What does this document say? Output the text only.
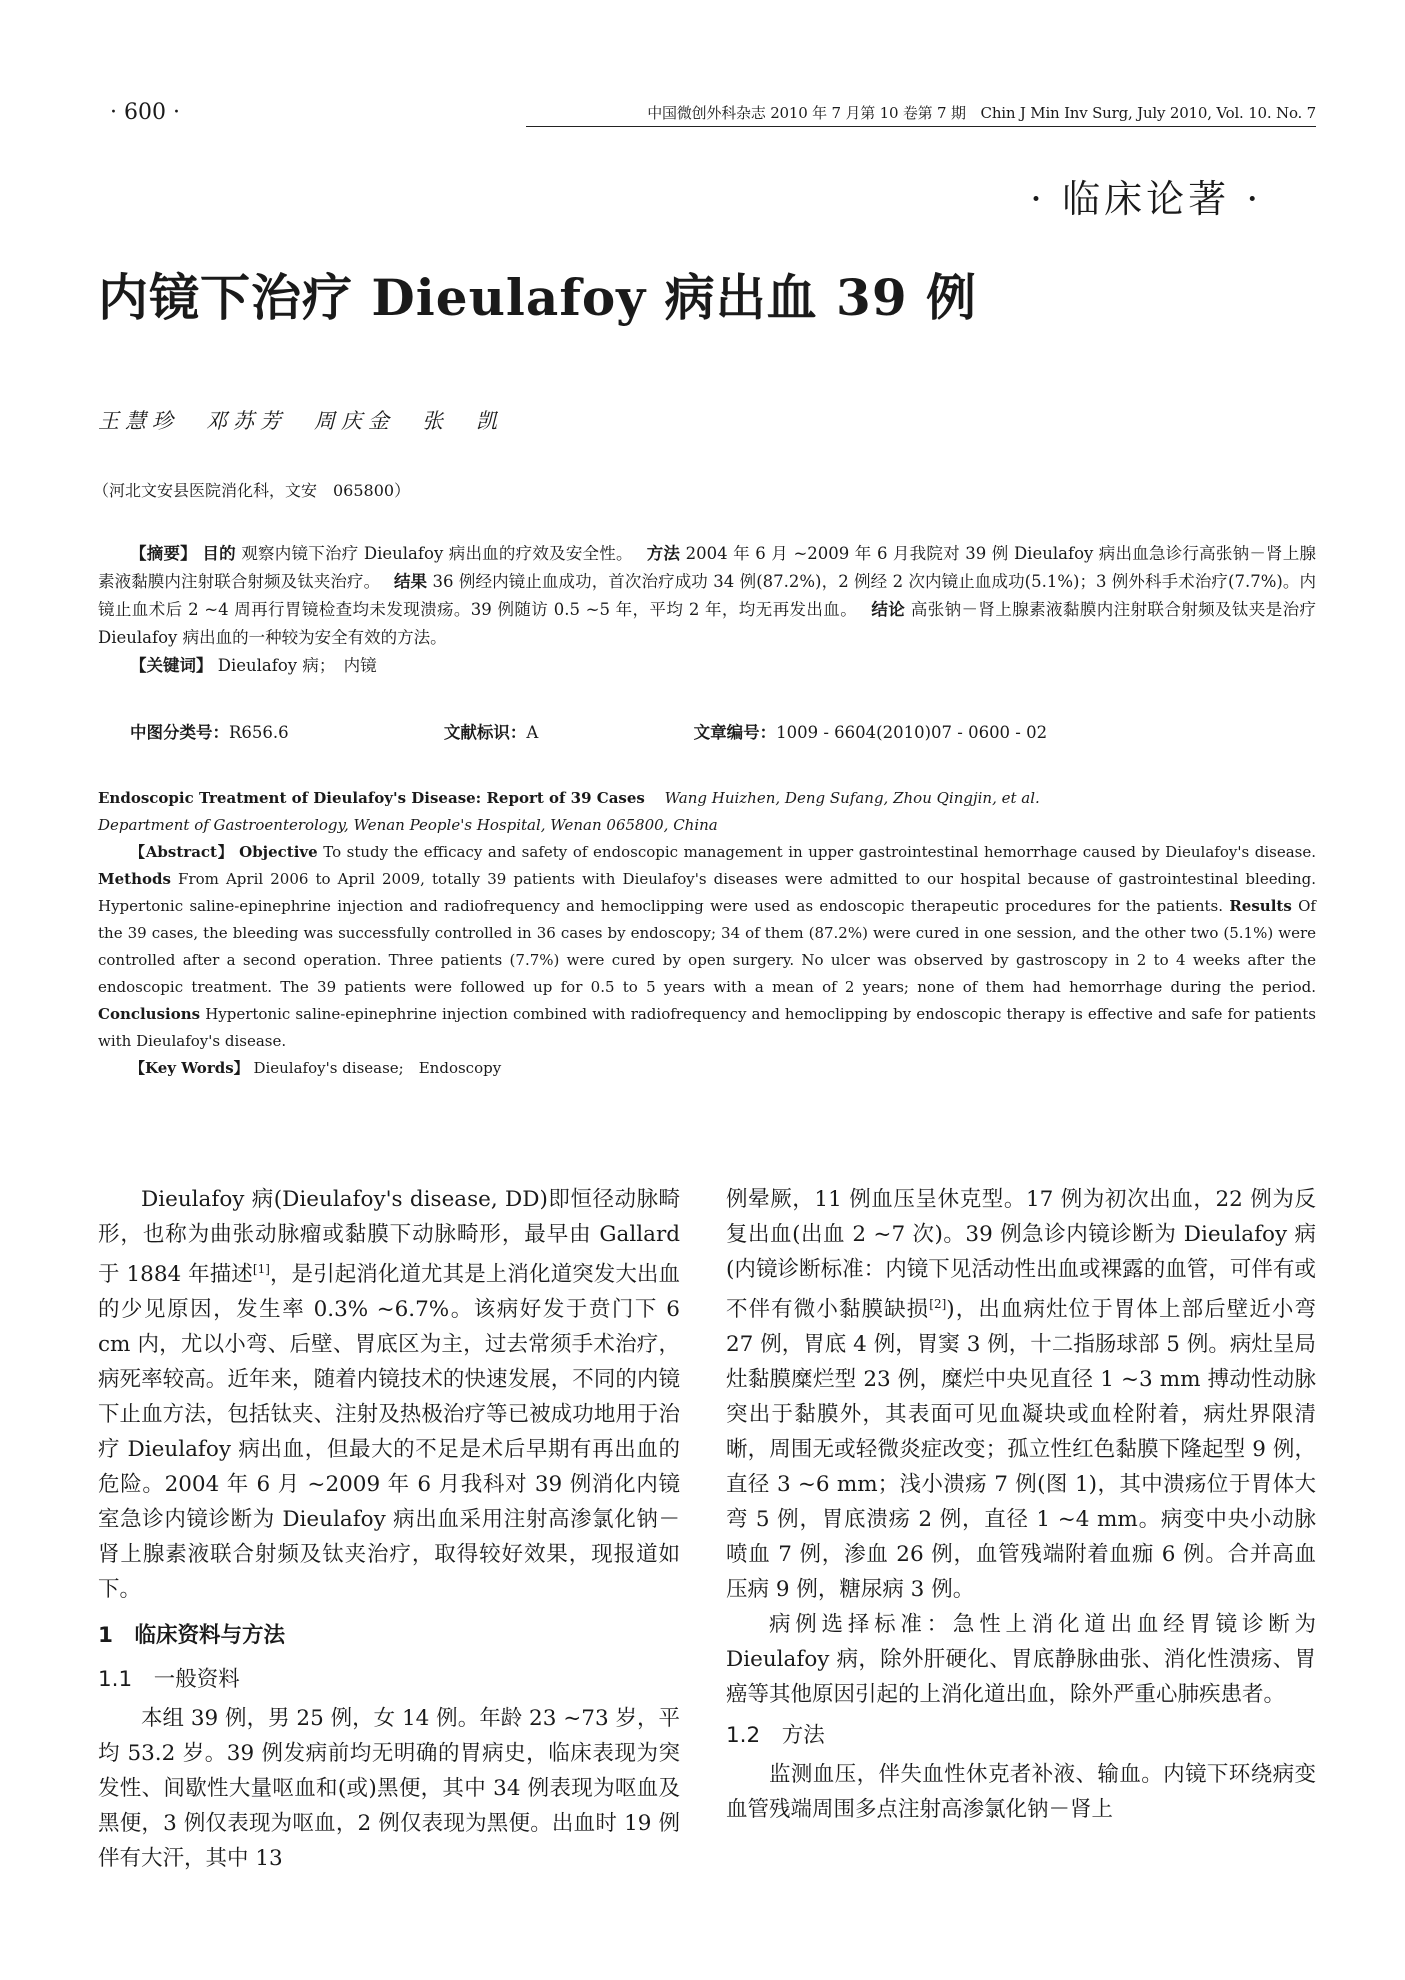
· 600 ·	中国微创外科杂志 2010 年 7 月第 10 卷第 7 期　Chin J Min Inv Surg, July 2010, Vol. 10. No. 7
· 临床论著 ·
内镜下治疗 Dieulafoy 病出血 39 例
王慧珍　邓苏芳　周庆金　张　凯
（河北文安县医院消化科，文安　065800）

【摘要】 目的 观察内镜下治疗 Dieulafoy 病出血的疗效及安全性。　 方法 2004 年 6 月 ~2009 年 6 月我院对 39 例 Dieulafoy 病出血急诊行高张钠－肾上腺素液黏膜内注射联合射频及钛夹治疗。　 结果 36 例经内镜止血成功，首次治疗成功 34 例(87.2%)，2 例经 2 次内镜止血成功(5.1%)；3 例外科手术治疗(7.7%)。内镜止血术后 2 ~4 周再行胃镜检查均未发现溃疡。39 例随访 0.5 ~5 年，平均 2 年，均无再发出血。　 结论 高张钠－肾上腺素液黏膜内注射联合射频及钛夹是治疗 Dieulafoy 病出血的一种较为安全有效的方法。

【关键词】 Dieulafoy 病；　内镜

中图分类号：R656.6	文献标识：A	文章编号：1009 - 6604(2010)07 - 0600 - 02

Endoscopic Treatment of Dieulafoy's Disease: Report of 39 Cases　 Wang Huizhen, Deng Sufang, Zhou Qingjin, et al.

Department of Gastroenterology, Wenan People's Hospital, Wenan 065800, China

【Abstract】 Objective To study the efficacy and safety of endoscopic management in upper gastrointestinal hemorrhage caused by Dieulafoy's disease. Methods From April 2006 to April 2009, totally 39 patients with Dieulafoy's diseases were admitted to our hospital because of gastrointestinal bleeding. Hypertonic saline-epinephrine injection and radiofrequency and hemoclipping were used as endoscopic therapeutic procedures for the patients. Results Of the 39 cases, the bleeding was successfully controlled in 36 cases by endoscopy; 34 of them (87.2%) were cured in one session, and the other two (5.1%) were controlled after a second operation. Three patients (7.7%) were cured by open surgery. No ulcer was observed by gastroscopy in 2 to 4 weeks after the endoscopic treatment. The 39 patients were followed up for 0.5 to 5 years with a mean of 2 years; none of them had hemorrhage during the period. Conclusions Hypertonic saline-epinephrine injection combined with radiofrequency and hemoclipping by endoscopic therapy is effective and safe for patients with Dieulafoy's disease.

【Key Words】 Dieulafoy's disease;　Endoscopy

Dieulafoy 病(Dieulafoy's disease, DD)即恒径动脉畸形，也称为曲张动脉瘤或黏膜下动脉畸形，最早由 Gallard 于 1884 年描述[1]，是引起消化道尤其是上消化道突发大出血的少见原因，发生率 0.3% ~6.7%。该病好发于贲门下 6 cm 内，尤以小弯、后壁、胃底区为主，过去常须手术治疗，病死率较高。近年来，随着内镜技术的快速发展，不同的内镜下止血方法，包括钛夹、注射及热极治疗等已被成功地用于治疗 Dieulafoy 病出血，但最大的不足是术后早期有再出血的危险。2004 年 6 月 ~2009 年 6 月我科对 39 例消化内镜室急诊内镜诊断为 Dieulafoy 病出血采用注射高渗氯化钠－肾上腺素液联合射频及钛夹治疗，取得较好效果，现报道如下。

1　临床资料与方法
1.1　一般资料

本组 39 例，男 25 例，女 14 例。年龄 23 ~73 岁，平均 53.2 岁。39 例发病前均无明确的胃病史，临床表现为突发性、间歇性大量呕血和(或)黑便，其中 34 例表现为呕血及黑便，3 例仅表现为呕血，2 例仅表现为黑便。出血时 19 例伴有大汗，其中 13

例晕厥，11 例血压呈休克型。17 例为初次出血，22 例为反复出血(出血 2 ~7 次)。39 例急诊内镜诊断为 Dieulafoy 病(内镜诊断标准：内镜下见活动性出血或裸露的血管，可伴有或不伴有微小黏膜缺损[2])，出血病灶位于胃体上部后壁近小弯 27 例，胃底 4 例，胃窦 3 例，十二指肠球部 5 例。病灶呈局灶黏膜糜烂型 23 例，糜烂中央见直径 1 ~3 mm 搏动性动脉突出于黏膜外，其表面可见血凝块或血栓附着，病灶界限清晰，周围无或轻微炎症改变；孤立性红色黏膜下隆起型 9 例，直径 3 ~6 mm；浅小溃疡 7 例(图 1)，其中溃疡位于胃体大弯 5 例，胃底溃疡 2 例，直径 1 ~4 mm。病变中央小动脉喷血 7 例，渗血 26 例，血管残端附着血痂 6 例。合并高血压病 9 例，糖尿病 3 例。

病例选择标准：急性上消化道出血经胃镜诊断为 Dieulafoy 病，除外肝硬化、胃底静脉曲张、消化性溃疡、胃癌等其他原因引起的上消化道出血，除外严重心肺疾患者。

1.2　方法

监测血压，伴失血性休克者补液、输血。内镜下环绕病变血管残端周围多点注射高渗氯化钠－肾上
